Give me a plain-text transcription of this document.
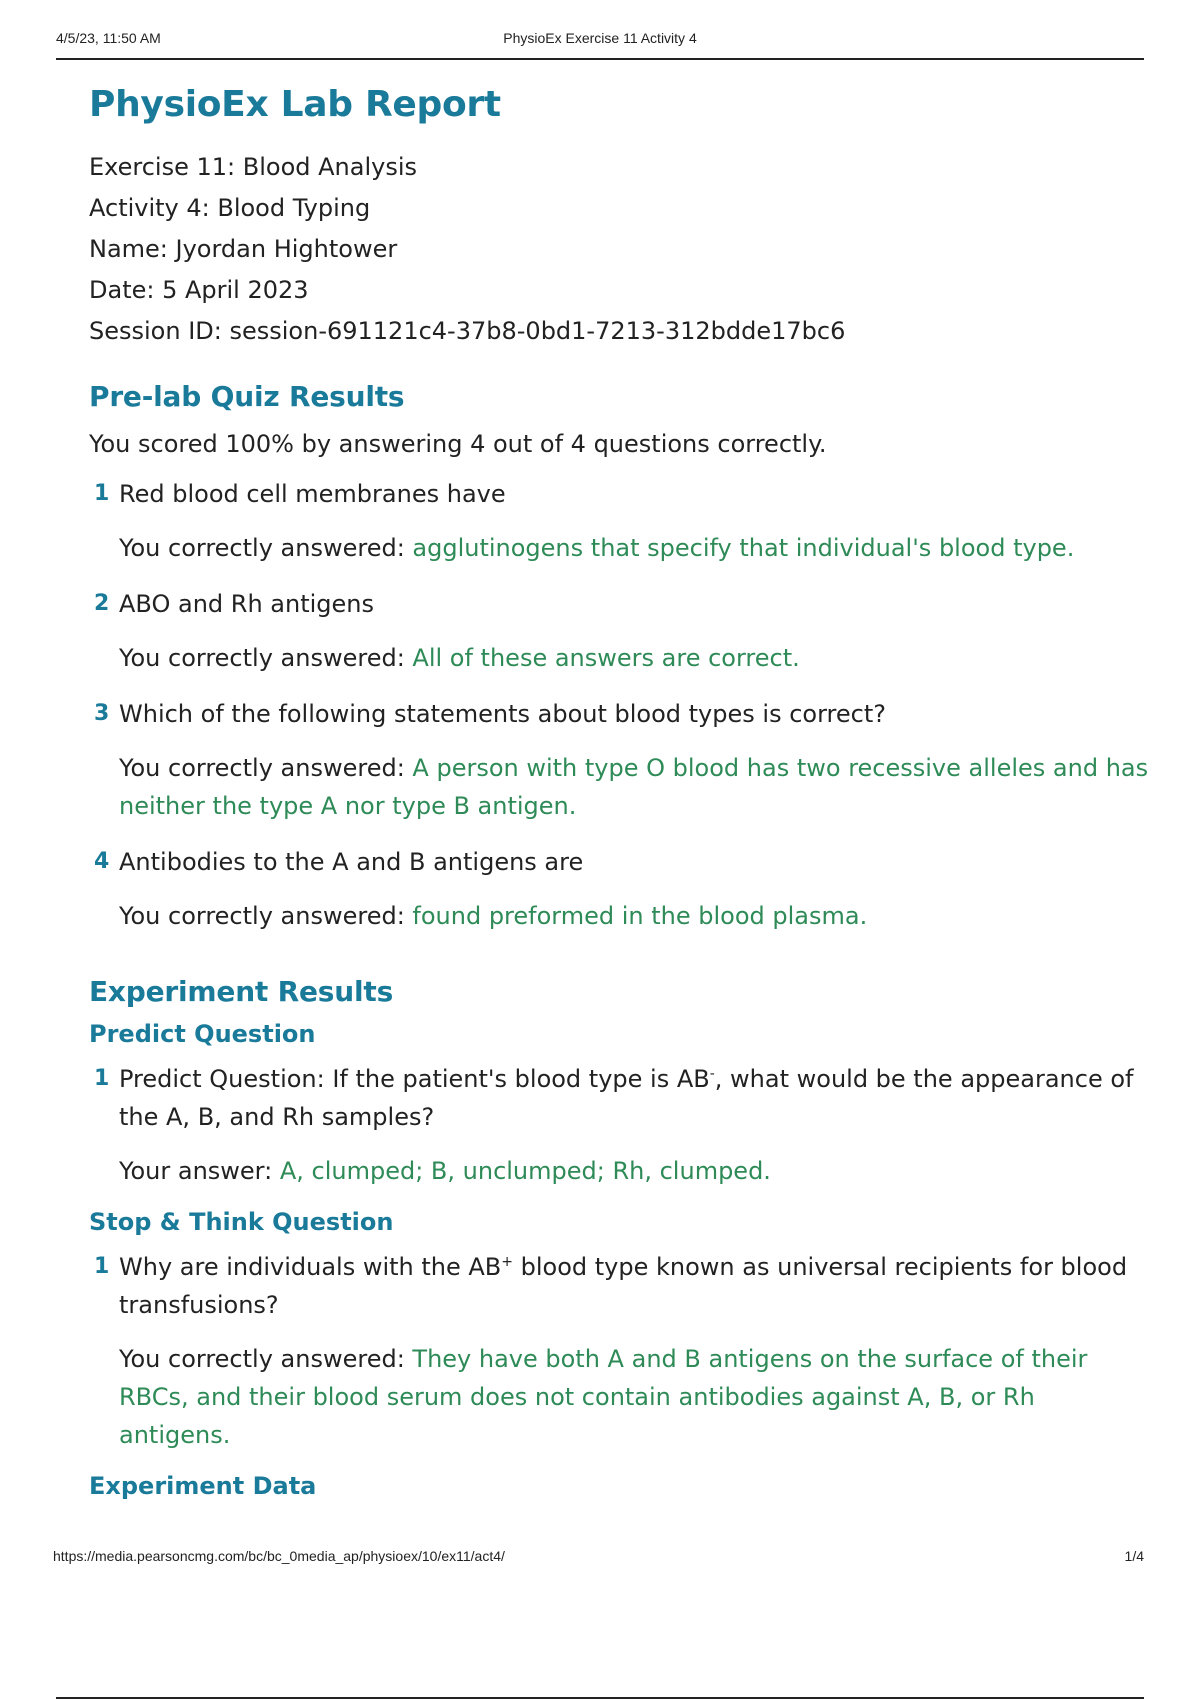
4/5/23, 11:50 AM	PhysioEx Exercise 11 Activity 4
PhysioEx Lab Report
Exercise 11: Blood Analysis
Activity 4: Blood Typing
Name: Jyordan Hightower
Date: 5 April 2023
Session ID: session-691121c4-37b8-0bd1-7213-312bdde17bc6
Pre-lab Quiz Results
You scored 100% by answering 4 out of 4 questions correctly.
1 Red blood cell membranes have
You correctly answered: agglutinogens that specify that individual's blood type.
2 ABO and Rh antigens
You correctly answered: All of these answers are correct.
3 Which of the following statements about blood types is correct?
You correctly answered: A person with type O blood has two recessive alleles and has neither the type A nor type B antigen.
4 Antibodies to the A and B antigens are
You correctly answered: found preformed in the blood plasma.
Experiment Results
Predict Question
1 Predict Question: If the patient's blood type is AB-, what would be the appearance of the A, B, and Rh samples?
Your answer: A, clumped; B, unclumped; Rh, clumped.
Stop & Think Question
1 Why are individuals with the AB+ blood type known as universal recipients for blood transfusions?
You correctly answered: They have both A and B antigens on the surface of their RBCs, and their blood serum does not contain antibodies against A, B, or Rh antigens.
Experiment Data
https://media.pearsoncmg.com/bc/bc_0media_ap/physioex/10/ex11/act4/	1/4
